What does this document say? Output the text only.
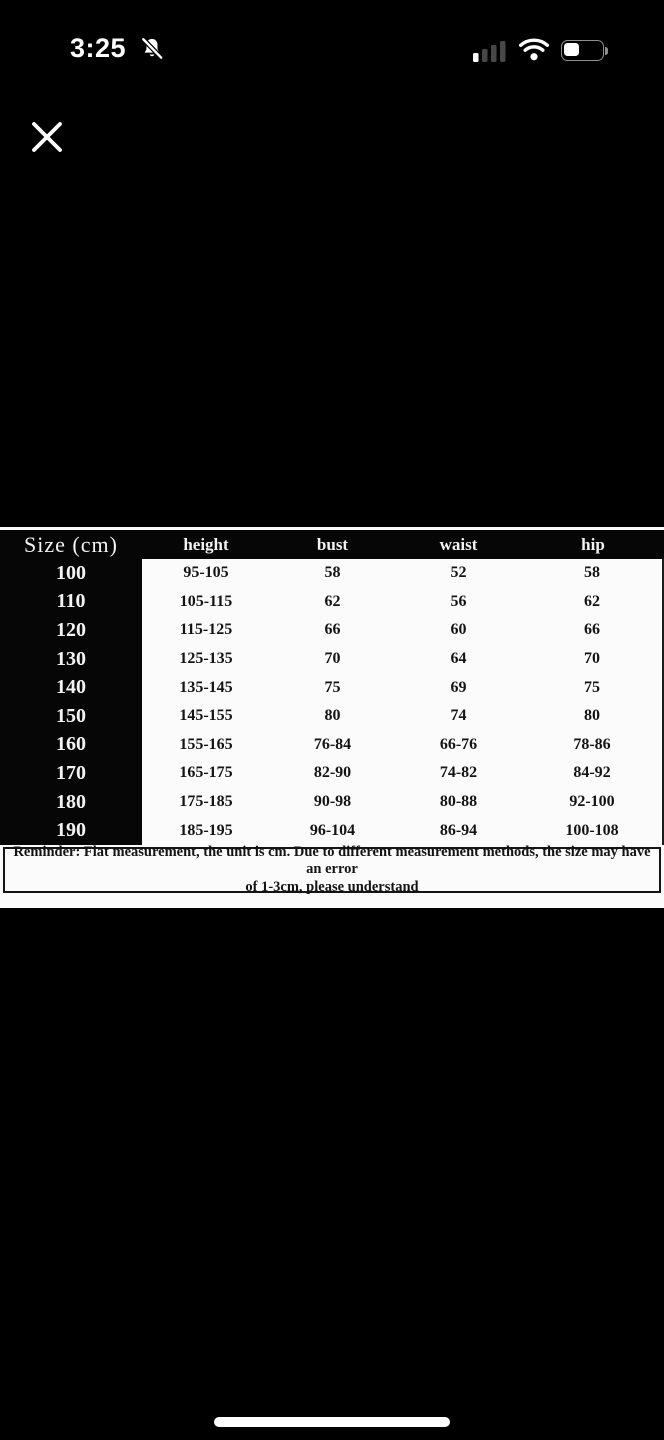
3:25
Size (cm)	height	bust	waist	hip
100	95-105	58	52	58
110	105-115	62	56	62
120	115-125	66	60	66
130	125-135	70	64	70
140	135-145	75	69	75
150	145-155	80	74	80
160	155-165	76-84	66-76	78-86
170	165-175	82-90	74-82	84-92
180	175-185	90-98	80-88	92-100
190	185-195	96-104	86-94	100-108
Reminder: Flat measurement, the unit is cm. Due to different measurement methods, the size may have an error
of 1-3cm, please understand
